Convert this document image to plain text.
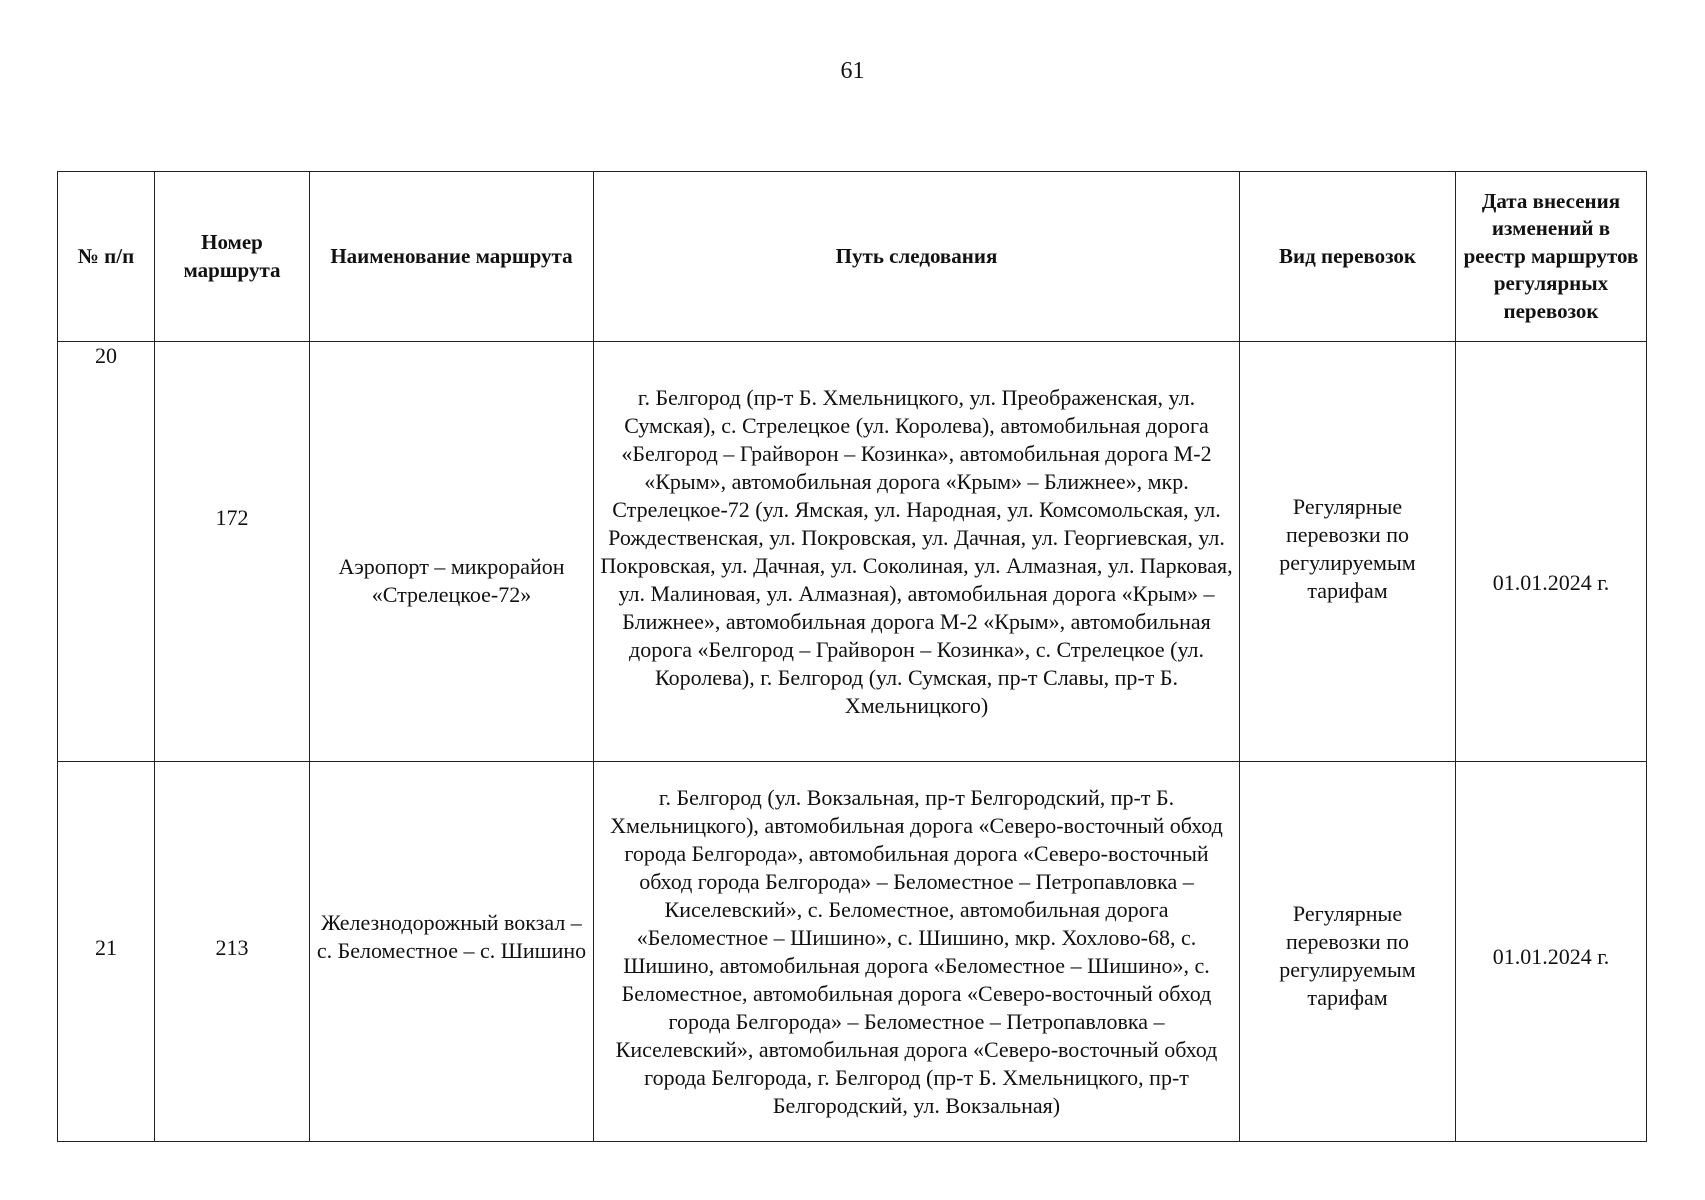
61
№ п/п	Номер маршрута	Наименование маршрута	Путь следования	Вид перевозок	Дата внесения изменений в реестр маршрутов регулярных перевозок
20	172	Аэропорт – микрорайон «Стрелецкое-72»	г. Белгород (пр-т Б. Хмельницкого, ул. Преображенская, ул. Сумская), с. Стрелецкое (ул. Королева), автомобильная дорога «Белгород – Грайворон – Козинка», автомобильная дорога М-2 «Крым», автомобильная дорога «Крым» – Ближнее», мкр. Стрелецкое-72 (ул. Ямская, ул. Народная, ул. Комсомольская, ул. Рождественская, ул. Покровская, ул. Дачная, ул. Георгиевская, ул. Покровская, ул. Дачная, ул. Соколиная, ул. Алмазная, ул. Парковая, ул. Малиновая, ул. Алмазная), автомобильная дорога «Крым» – Ближнее», автомобильная дорога М-2 «Крым», автомобильная дорога «Белгород – Грайворон – Козинка», с. Стрелецкое (ул. Королева), г. Белгород (ул. Сумская, пр-т Славы, пр-т Б. Хмельницкого)	Регулярные перевозки по регулируемым тарифам	01.01.2024 г.
21	213	Железнодорожный вокзал – с. Беломестное – с. Шишино	г. Белгород (ул. Вокзальная, пр-т Белгородский, пр-т Б. Хмельницкого), автомобильная дорога «Северо-восточный обход города Белгорода», автомобильная дорога «Северо-восточный обход города Белгорода» – Беломестное – Петропавловка – Киселевский», с. Беломестное, автомобильная дорога «Беломестное – Шишино», с. Шишино, мкр. Хохлово-68, с. Шишино, автомобильная дорога «Беломестное – Шишино», с. Беломестное, автомобильная дорога «Северо-восточный обход города Белгорода» – Беломестное – Петропавловка – Киселевский», автомобильная дорога «Северо-восточный обход города Белгорода, г. Белгород (пр-т Б. Хмельницкого, пр-т Белгородский, ул. Вокзальная)	Регулярные перевозки по регулируемым тарифам	01.01.2024 г.
